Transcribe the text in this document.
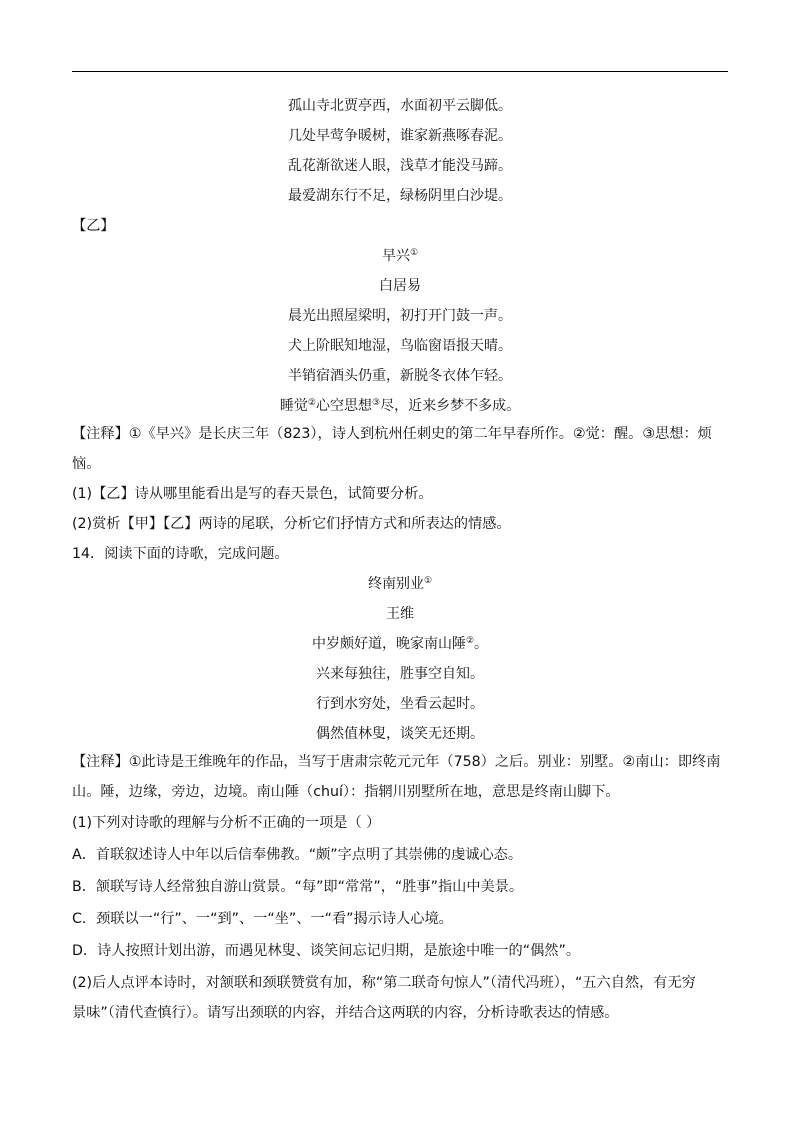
孤山寺北贾亭西，水面初平云脚低。
几处早莺争暖树，谁家新燕啄春泥。
乱花渐欲迷人眼，浅草才能没马蹄。
最爱湖东行不足，绿杨阴里白沙堤。
【乙】
早兴①
白居易
晨光出照屋梁明，初打开门鼓一声。
犬上阶眠知地湿，鸟临窗语报天晴。
半销宿酒头仍重，新脱冬衣体乍轻。
睡觉②心空思想③尽，近来乡梦不多成。
【注释】①《早兴》是长庆三年（823），诗人到杭州任刺史的第二年早春所作。②觉：醒。③思想：烦
恼。
(1)【乙】诗从哪里能看出是写的春天景色，试简要分析。
(2)赏析【甲】【乙】两诗的尾联，分析它们抒情方式和所表达的情感。
14．阅读下面的诗歌，完成问题。
终南别业①
王维
中岁颇好道，晚家南山陲②。
兴来每独往，胜事空自知。
行到水穷处，坐看云起时。
偶然值林叟，谈笑无还期。
【注释】①此诗是王维晚年的作品，当写于唐肃宗乾元元年（758）之后。别业：别墅。②南山：即终南
山。陲，边缘，旁边，边境。南山陲（chuí）：指辋川别墅所在地，意思是终南山脚下。
(1)下列对诗歌的理解与分析不正确的一项是（ ）
A．首联叙述诗人中年以后信奉佛教。“颇”字点明了其崇佛的虔诚心态。
B．颔联写诗人经常独自游山赏景。“每”即“常常”，“胜事”指山中美景。
C．颈联以一“行”、一“到”、一“坐”、一“看”揭示诗人心境。
D．诗人按照计划出游，而遇见林叟、谈笑间忘记归期，是旅途中唯一的“偶然”。
(2)后人点评本诗时，对颔联和颈联赞赏有加，称“第二联奇句惊人”（清代冯班），“五六自然，有无穷
景味”（清代查慎行）。请写出颈联的内容，并结合这两联的内容，分析诗歌表达的情感。
